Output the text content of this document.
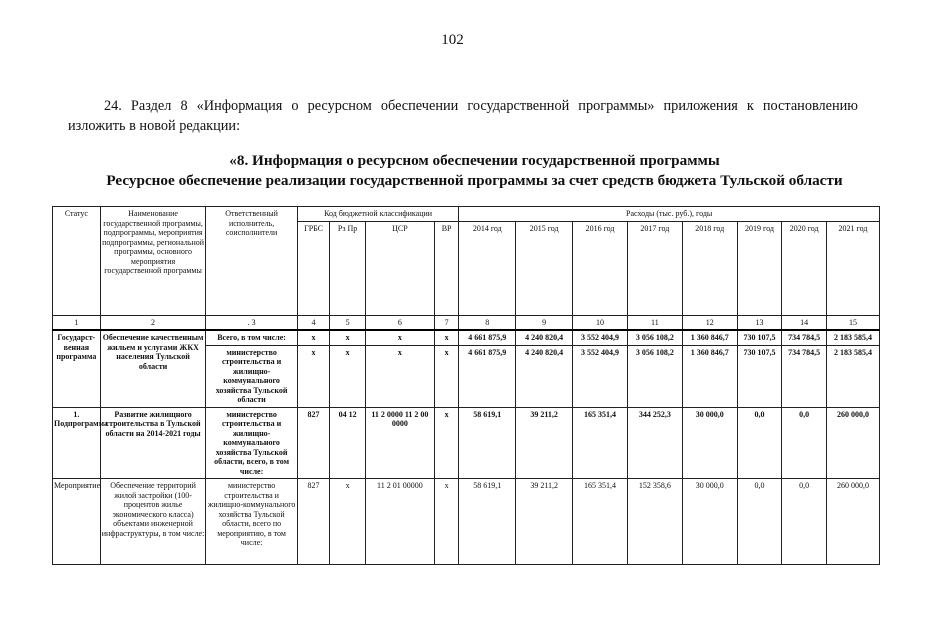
102
24. Раздел 8 «Информация о ресурсном обеспечении государственной программы» приложения к постановлению изложить в новой редакции:
«8. Информация о ресурсном обеспечении государственной программы
Ресурсное обеспечение реализации государственной программы за счет средств бюджета Тульской области
Статус	Наименование государственной программы, подпрограммы, мероприятия подпрограммы, региональной программы, основного мероприятия государственной программы	Ответственный исполнитель, соисполнители	Код бюджетной классификации				Расходы (тыс. руб.), годы							
			ГРБС	Рз Пр	ЦСР	ВР	2014 год	2015 год	2016 год	2017 год	2018 год	2019 год	2020 год	2021 год
1	2	. 3	4	5	6	7	8	9	10	11	12	13	14	15
Государст-венная программа	Обеспечение качественным жильем и услугами ЖКХ населения Тульской области	Всего, в том числе:	x	x	x	x	4 661 875,9	4 240 820,4	3 552 404,9	3 056 108,2	1 360 846,7	730 107,5	734 784,5	2 183 585,4
		министерство строительства и жилищно-коммунального хозяйства Тульской области	x	x	x	x	4 661 875,9	4 240 820,4	3 552 404,9	3 056 108,2	1 360 846,7	730 107,5	734 784,5	2 183 585,4
1. Подпрограмма	Развитие жилищного строительства в Тульской области на 2014-2021 годы	министерство строительства и жилищно-коммунального хозяйства Тульской области, всего, в том числе:	827	04 12	11 2 0000 11 2 00 0000	x	58 619,1	39 211,2	165 351,4	344 252,3	30 000,0	0,0	0,0	260 000,0
Мероприятие	Обеспечение территорий жилой застройки (100-процентов жилье экономического класса) объектами инженерной инфраструктуры, в том числе:	министерство строительства и жилищно-коммунального хозяйства Тульской области, всего по мероприятию, в том числе:	827	x	11 2 01 00000	x	58 619,1	39 211,2	165 351,4	152 358,6	30 000,0	0,0	0,0	260 000,0
